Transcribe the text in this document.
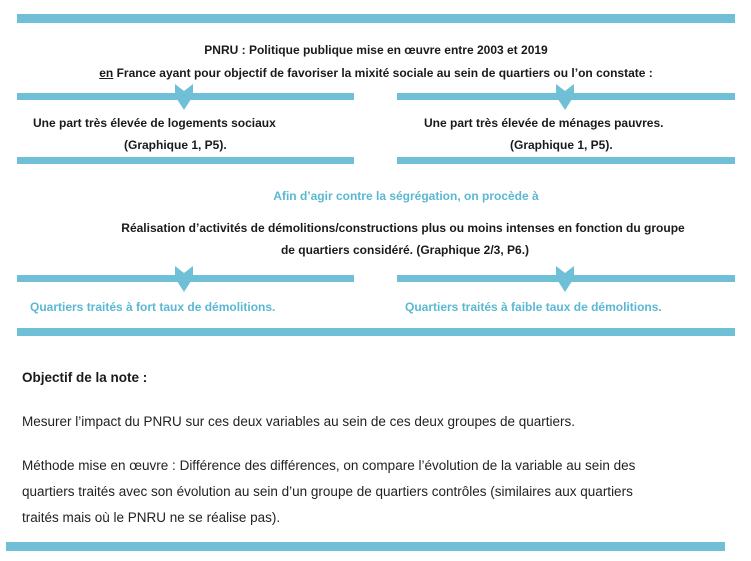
PNRU : Politique publique mise en œuvre entre 2003 et 2019

en France ayant pour objectif de favoriser la mixité sociale au sein de quartiers ou l’on constate :

Une part très élevée de logements sociaux

(Graphique 1, P5).

Une part très élevée de ménages pauvres.

(Graphique 1, P5).

Afin d’agir contre la ségrégation, on procède à

Réalisation d’activités de démolitions/constructions plus ou moins intenses en fonction du groupe

de quartiers considéré. (Graphique 2/3, P6.)

Quartiers traités à fort taux de démolitions.	Quartiers traités à faible taux de démolitions.

Objectif de la note :

Mesurer l’impact du PNRU sur ces deux variables au sein de ces deux groupes de quartiers.

Méthode mise en œuvre : Différence des différences, on compare l’évolution de la variable au sein des

quartiers traités avec son évolution au sein d’un groupe de quartiers contrôles (similaires aux quartiers

traités mais où le PNRU ne se réalise pas).
